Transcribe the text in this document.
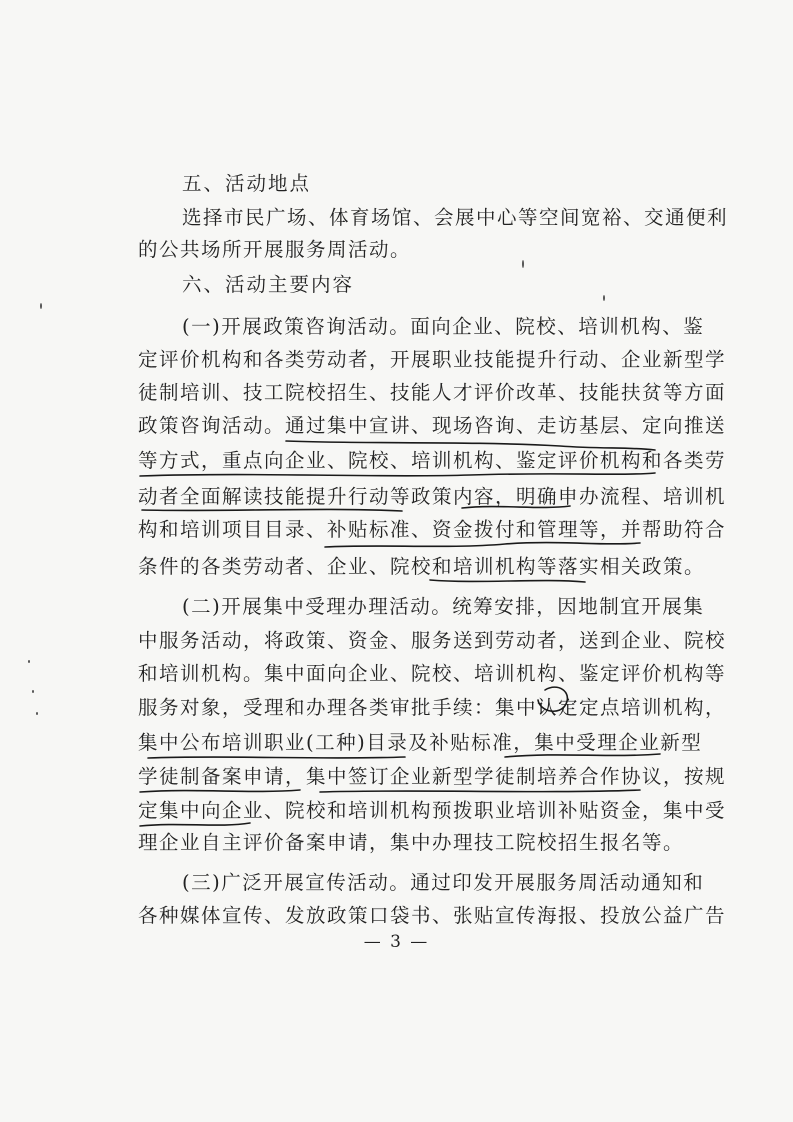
五、活动地点
选择市民广场、体育场馆、会展中心等空间宽裕、交通便利
的公共场所开展服务周活动。
六、活动主要内容
(一)开展政策咨询活动。面向企业、院校、培训机构、鉴
定评价机构和各类劳动者，开展职业技能提升行动、企业新型学
徒制培训、技工院校招生、技能人才评价改革、技能扶贫等方面
政策咨询活动。通过集中宣讲、现场咨询、走访基层、定向推送
等方式，重点向企业、院校、培训机构、鉴定评价机构和各类劳
动者全面解读技能提升行动等政策内容，明确申办流程、培训机
构和培训项目目录、补贴标准、资金拨付和管理等，并帮助符合
条件的各类劳动者、企业、院校和培训机构等落实相关政策。
(二)开展集中受理办理活动。统筹安排，因地制宜开展集
中服务活动，将政策、资金、服务送到劳动者，送到企业、院校
和培训机构。集中面向企业、院校、培训机构、鉴定评价机构等
服务对象，受理和办理各类审批手续：集中认定定点培训机构，
集中公布培训职业(工种)目录及补贴标准，集中受理企业新型
学徒制备案申请，集中签订企业新型学徒制培养合作协议，按规
定集中向企业、院校和培训机构预拨职业培训补贴资金，集中受
理企业自主评价备案申请，集中办理技工院校招生报名等。
(三)广泛开展宣传活动。通过印发开展服务周活动通知和
各种媒体宣传、发放政策口袋书、张贴宣传海报、投放公益广告
— 3 —
